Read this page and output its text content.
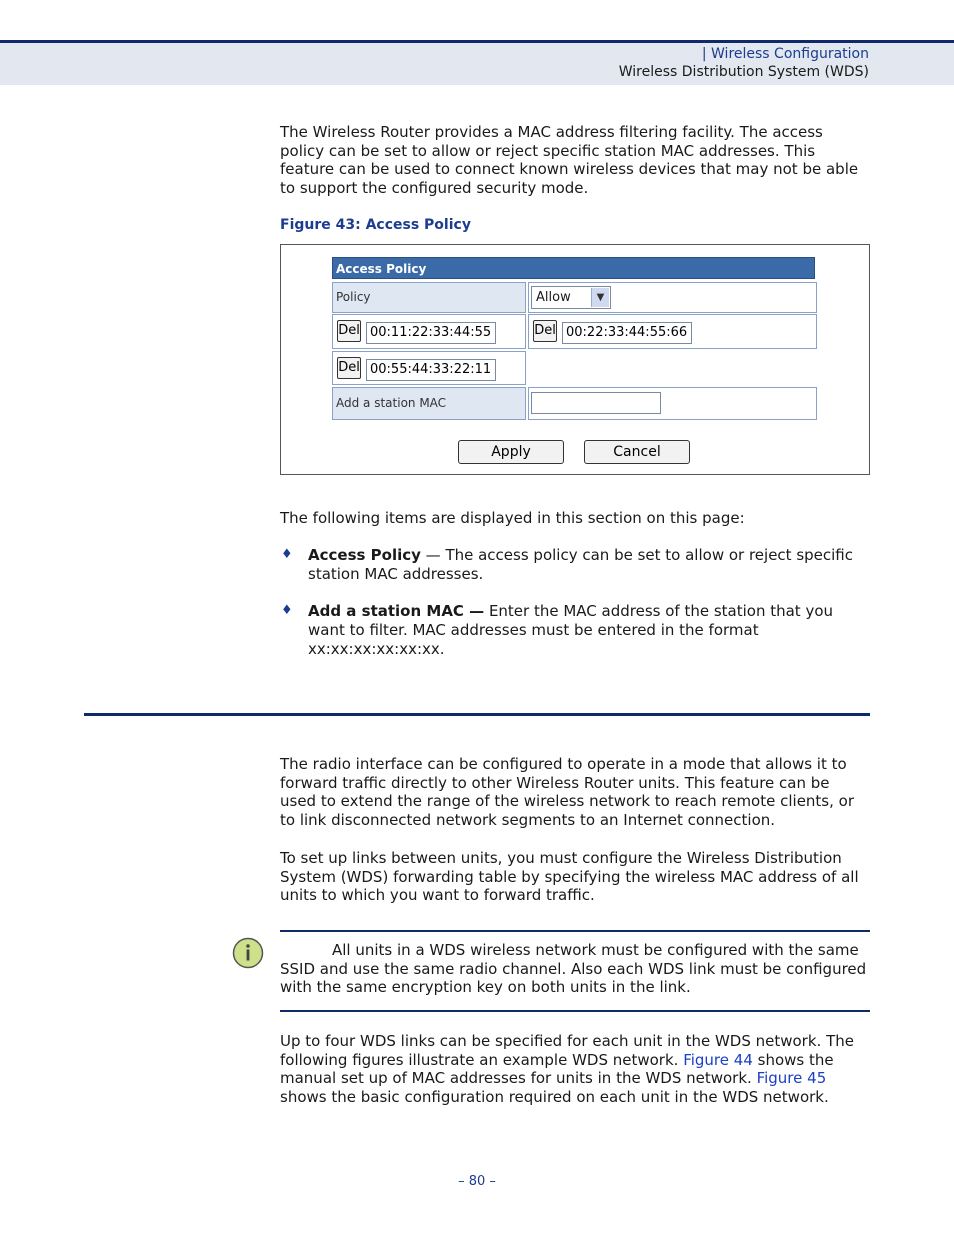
| Wireless Configuration
Wireless Distribution System (WDS)

The Wireless Router provides a MAC address filtering facility. The access policy can be set to allow or reject specific station MAC addresses. This feature can be used to connect known wireless devices that may not be able to support the configured security mode.

Figure 43: Access Policy
Access Policy
Policy	Allow	▼
Del 00:11:22:33:44:55	Del 00:22:33:44:55:66
Del 00:55:44:33:22:11
Add a station MAC
Apply	Cancel

The following items are displayed in this section on this page:

♦ Access Policy — The access policy can be set to allow or reject specific station MAC addresses.

♦ Add a station MAC — Enter the MAC address of the station that you want to filter. MAC addresses must be entered in the format xx:xx:xx:xx:xx:xx.

The radio interface can be configured to operate in a mode that allows it to forward traffic directly to other Wireless Router units. This feature can be used to extend the range of the wireless network to reach remote clients, or to link disconnected network segments to an Internet connection.

To set up links between units, you must configure the Wireless Distribution System (WDS) forwarding table by specifying the wireless MAC address of all units to which you want to forward traffic.

All units in a WDS wireless network must be configured with the same SSID and use the same radio channel. Also each WDS link must be configured with the same encryption key on both units in the link.

Up to four WDS links can be specified for each unit in the WDS network. The following figures illustrate an example WDS network. Figure 44 shows the manual set up of MAC addresses for units in the WDS network. Figure 45 shows the basic configuration required on each unit in the WDS network.

– 80 –
